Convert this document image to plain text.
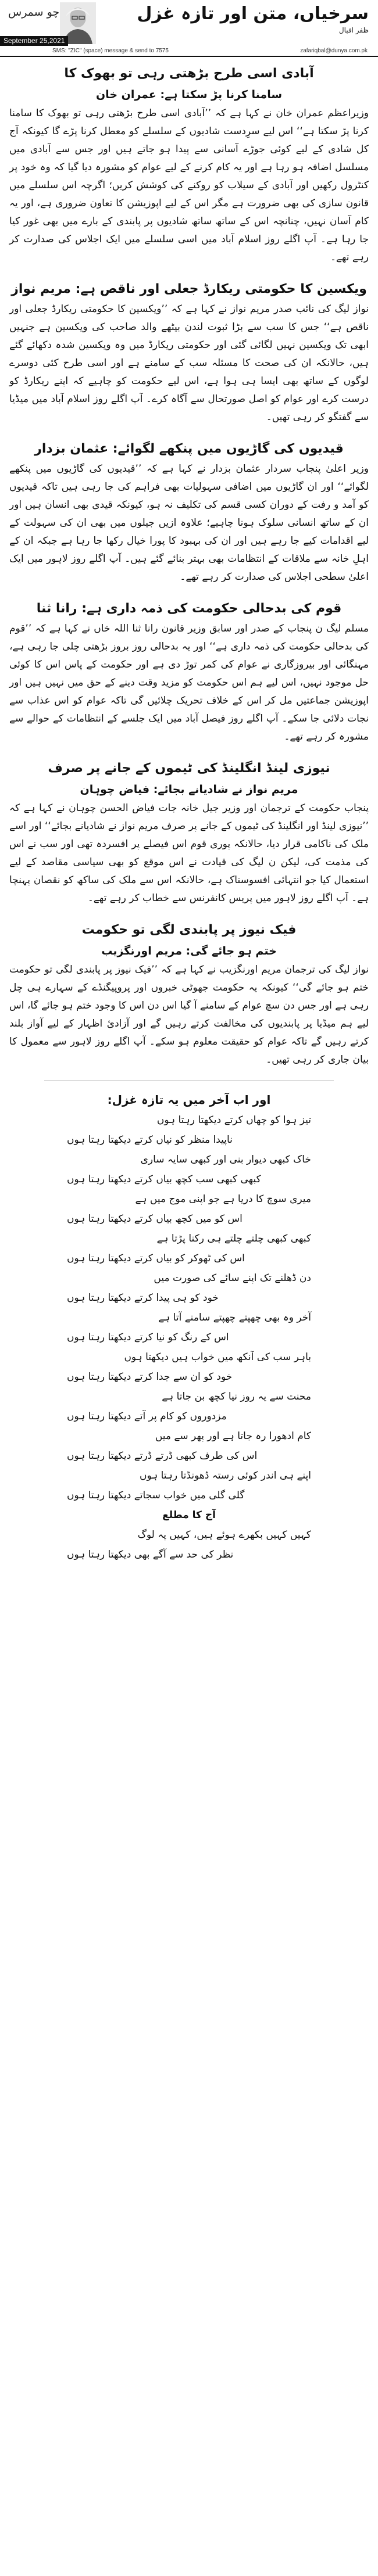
چو سمرس	سرخیاں، متن اور تازہ غزل
ظفر اقبال
September 25,2021
SMS: "ZIC" (space) message & send to 7575	zafariqbal@dunya.com.pk
آبادی اسی طرح بڑھتی رہی تو بھوک کا
سامنا کرنا پڑ سکتا ہے: عمران خان

وزیراعظم عمران خان نے کہا ہے کہ ’’آبادی اسی طرح بڑھتی رہی تو بھوک کا سامنا کرنا پڑ سکتا ہے‘‘ اس لیے سرِدست شادیوں کے سلسلے کو معطل کرنا پڑے گا کیونکہ آج کل شادی کے لیے کوئی جوڑے آسانی سے پیدا ہو جاتے ہیں اور جس سے آبادی میں مسلسل اضافہ ہو رہا ہے اور یہ کام کرنے کے لیے عوام کو مشورہ دیا گیا کہ وہ خود پر کنٹرول رکھیں اور آبادی کے سیلاب کو روکنے کی کوشش کریں؛ اگرچہ اس سلسلے میں قانون سازی کی بھی ضرورت ہے مگر اس کے لیے اپوزیشن کا تعاون ضروری ہے، اور یہ کام آسان نہیں، چنانچہ اس کے ساتھ ساتھ شادیوں پر پابندی کے بارے میں بھی غور کیا جا رہا ہے۔ آپ اگلے روز اسلام آباد میں اسی سلسلے میں ایک اجلاس کی صدارت کر رہے تھے۔

ویکسین کا حکومتی ریکارڈ جعلی اور ناقص ہے: مریم نواز

نواز لیگ کی نائب صدر مریم نواز نے کہا ہے کہ ’’ویکسین کا حکومتی ریکارڈ جعلی اور ناقص ہے‘‘ جس کا سب سے بڑا ثبوت لندن بیٹھے والد صاحب کی ویکسین ہے جنہیں ابھی تک ویکسین نہیں لگائی گئی اور حکومتی ریکارڈ میں وہ ویکسین شدہ دکھائے گئے ہیں، حالانکہ ان کی صحت کا مسئلہ سب کے سامنے ہے اور اسی طرح کئی دوسرے لوگوں کے ساتھ بھی ایسا ہی ہوا ہے، اس لیے حکومت کو چاہیے کہ اپنے ریکارڈ کو درست کرے اور عوام کو اصل صورتحال سے آگاہ کرے۔ آپ اگلے روز اسلام آباد میں میڈیا سے گفتگو کر رہی تھیں۔

قیدیوں کی گاڑیوں میں پنکھے لگوائے: عثمان بزدار

وزیر اعلیٰ پنجاب سردار عثمان بزدار نے کہا ہے کہ ’’قیدیوں کی گاڑیوں میں پنکھے لگوائے‘‘ اور ان گاڑیوں میں اضافی سہولیات بھی فراہم کی جا رہی ہیں تاکہ قیدیوں کو آمد و رفت کے دوران کسی قسم کی تکلیف نہ ہو، کیونکہ قیدی بھی انسان ہیں اور ان کے ساتھ انسانی سلوک ہونا چاہیے؛ علاوہ ازیں جیلوں میں بھی ان کی سہولت کے لیے اقدامات کیے جا رہے ہیں اور ان کی بہبود کا پورا خیال رکھا جا رہا ہے جبکہ ان کے اہلِ خانہ سے ملاقات کے انتظامات بھی بہتر بنائے گئے ہیں۔ آپ اگلے روز لاہور میں ایک اعلیٰ سطحی اجلاس کی صدارت کر رہے تھے۔

قوم کی بدحالی حکومت کی ذمہ داری ہے: رانا ثنا

مسلم لیگ ن پنجاب کے صدر اور سابق وزیر قانون رانا ثنا اللہ خاں نے کہا ہے کہ ’’قوم کی بدحالی حکومت کی ذمہ داری ہے‘‘ اور یہ بدحالی روز بروز بڑھتی چلی جا رہی ہے، مہنگائی اور بیروزگاری نے عوام کی کمر توڑ دی ہے اور حکومت کے پاس اس کا کوئی حل موجود نہیں، اس لیے ہم اس حکومت کو مزید وقت دینے کے حق میں نہیں ہیں اور اپوزیشن جماعتیں مل کر اس کے خلاف تحریک چلائیں گی تاکہ عوام کو اس عذاب سے نجات دلائی جا سکے۔ آپ اگلے روز فیصل آباد میں ایک جلسے کے انتظامات کے حوالے سے مشورہ کر رہے تھے۔

نیوزی لینڈ انگلینڈ کی ٹیموں کے جانے پر صرف
مریم نواز نے شادیانے بجائے: فیاض چوہان

پنجاب حکومت کے ترجمان اور وزیر جیل خانہ جات فیاض الحسن چوہان نے کہا ہے کہ ’’نیوزی لینڈ اور انگلینڈ کی ٹیموں کے جانے پر صرف مریم نواز نے شادیانے بجائے‘‘ اور اسے ملک کی ناکامی قرار دیا، حالانکہ پوری قوم اس فیصلے پر افسردہ تھی اور سب نے اس کی مذمت کی، لیکن ن لیگ کی قیادت نے اس موقع کو بھی سیاسی مقاصد کے لیے استعمال کیا جو انتہائی افسوسناک ہے، حالانکہ اس سے ملک کی ساکھ کو نقصان پہنچا ہے۔ آپ اگلے روز لاہور میں پریس کانفرنس سے خطاب کر رہے تھے۔

فیک نیوز پر پابندی لگی تو حکومت
ختم ہو جائے گی: مریم اورنگزیب

نواز لیگ کی ترجمان مریم اورنگزیب نے کہا ہے کہ ’’فیک نیوز پر پابندی لگی تو حکومت ختم ہو جائے گی‘‘ کیونکہ یہ حکومت جھوٹی خبروں اور پروپیگنڈے کے سہارے ہی چل رہی ہے اور جس دن سچ عوام کے سامنے آ گیا اس دن اس کا وجود ختم ہو جائے گا، اس لیے ہم میڈیا پر پابندیوں کی مخالفت کرتے رہیں گے اور آزادیٔ اظہار کے لیے آواز بلند کرتے رہیں گے تاکہ عوام کو حقیقت معلوم ہو سکے۔ آپ اگلے روز لاہور سے معمول کا بیان جاری کر رہی تھیں۔

اور اب آخر میں یہ تازہ غزل:
تیز ہوا کو چھاں کرتے دیکھتا رہتا ہوں
ناپیدا منظر کو نیاں کرتے دیکھتا رہتا ہوں
خاک کبھی دیوار بنی اور کبھی سایہ ساری
کبھی کبھی سب کچھ بیاں کرتے دیکھتا رہتا ہوں
میری سوچ کا دریا ہے جو اپنی موج میں ہے
اس کو میں کچھ بیاں کرتے دیکھتا رہتا ہوں
کبھی کبھی چلتے چلتے ہی رکنا پڑتا ہے
اس کی ٹھوکر کو بیاں کرتے دیکھتا رہتا ہوں
دن ڈھلنے تک اپنے سائے کی صورت میں
خود کو ہی پیدا کرتے دیکھتا رہتا ہوں
آخر وہ بھی چھپتے چھپتے سامنے آتا ہے
اس کے رنگ کو نیا کرتے دیکھتا رہتا ہوں
باہر سب کی آنکھ میں خواب ہیں دیکھتا ہوں
خود کو ان سے جدا کرتے دیکھتا رہتا ہوں
محنت سے یہ روز نیا کچھ بن جاتا ہے
مزدوروں کو کام پر آتے دیکھتا رہتا ہوں
کام ادھورا رہ جاتا ہے اور پھر سے میں
اس کی طرف کبھی ڈرتے ڈرتے دیکھتا رہتا ہوں
اپنے ہی اندر کوئی رستہ ڈھونڈتا رہتا ہوں
گلی گلی میں خواب سجاتے دیکھتا رہتا ہوں
آج کا مطلع
کہیں کہیں بکھرے ہوئے ہیں، کہیں پہ لوگ
نظر کی حد سے آگے بھی دیکھتا رہتا ہوں
